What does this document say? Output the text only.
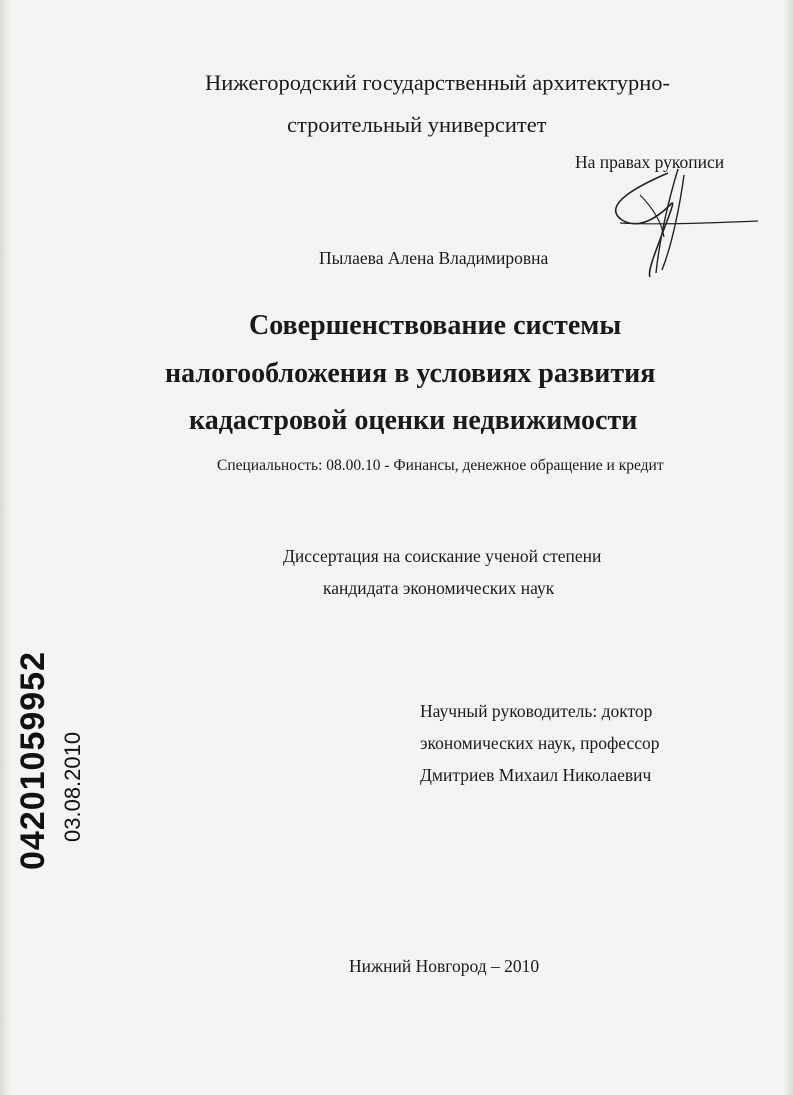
Нижегородский государственный архитектурно-
строительный университет
На правах рукописи
Пылаева Алена Владимировна
Совершенствование системы
налогообложения в условиях развития
кадастровой оценки недвижимости
Специальность: 08.00.10 - Финансы, денежное обращение и кредит
Диссертация на соискание ученой степени
кандидата экономических наук
Научный руководитель: доктор
экономических наук, профессор
Дмитриев Михаил Николаевич
Нижний Новгород – 2010
04201059952 03.08.2010
